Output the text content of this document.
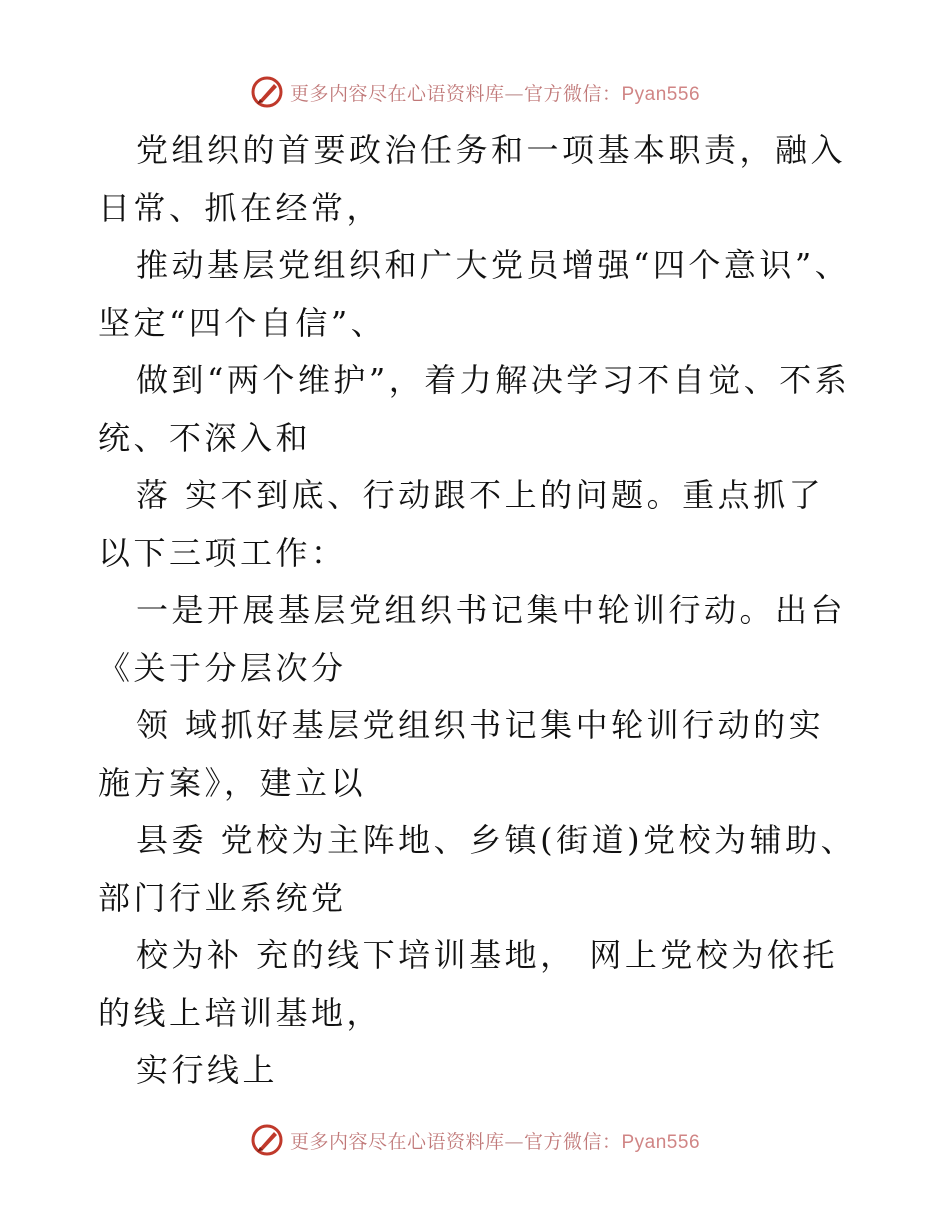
更多内容尽在心语资料库—官方微信：Pyan556

党组织的首要政治任务和一项基本职责，融入日常、抓在经常，

推动基层党组织和广大党员增强“四个意识”、坚定“四个自信”、

做到“两个维护”，着力解决学习不自觉、不系统、不深入和

落 实不到底、行动跟不上的问题。重点抓了以下三项工作：

一是开展基层党组织书记集中轮训行动。出台《关于分层次分

领 域抓好基层党组织书记集中轮训行动的实施方案》，建立以

县委 党校为主阵地、乡镇(街道)党校为辅助、部门行业系统党

校为补 充的线下培训基地， 网上党校为依托的线上培训基地，

实行线上

更多内容尽在心语资料库—官方微信：Pyan556
